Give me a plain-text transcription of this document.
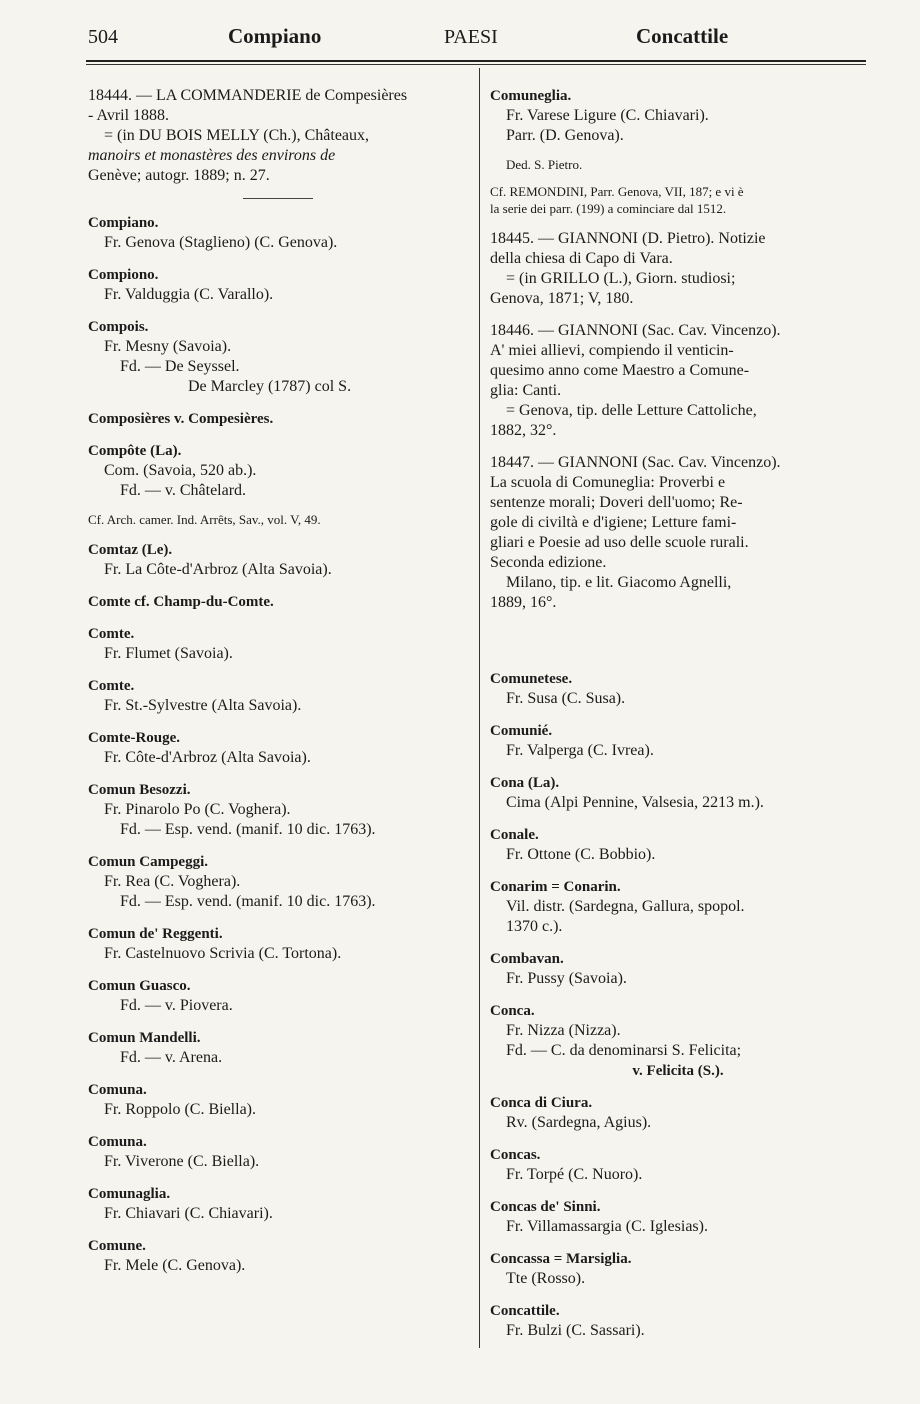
504	Compiano	PAESI	Concattile

18444. — LA COMMANDERIE de Compesières

- Avril 1888.

= (in DU BOIS MELLY (Ch.), Châteaux,

manoirs et monastères des environs de

Genève; autogr. 1889; n. 27.

Compiano.
Fr. Genova (Staglieno) (C. Genova).
Compiono.
Fr. Valduggia (C. Varallo).
Compois.
Fr. Mesny (Savoia).
Fd. — De Seyssel.
De Marcley (1787) col S.
Composières v. Compesières.
Compôte (La).
Com. (Savoia, 520 ab.).
Fd. — v. Châtelard.
Cf. Arch. camer. Ind. Arrêts, Sav., vol. V, 49.
Comtaz (Le).
Fr. La Côte-d'Arbroz (Alta Savoia).
Comte cf. Champ-du-Comte.
Comte.
Fr. Flumet (Savoia).
Comte.
Fr. St.-Sylvestre (Alta Savoia).
Comte-Rouge.
Fr. Côte-d'Arbroz (Alta Savoia).
Comun Besozzi.
Fr. Pinarolo Po (C. Voghera).
Fd. — Esp. vend. (manif. 10 dic. 1763).
Comun Campeggi.
Fr. Rea (C. Voghera).
Fd. — Esp. vend. (manif. 10 dic. 1763).
Comun de' Reggenti.
Fr. Castelnuovo Scrivia (C. Tortona).
Comun Guasco.
Fd. — v. Piovera.
Comun Mandelli.
Fd. — v. Arena.
Comuna.
Fr. Roppolo (C. Biella).
Comuna.
Fr. Viverone (C. Biella).
Comunaglia.
Fr. Chiavari (C. Chiavari).
Comune.
Fr. Mele (C. Genova).
Comuneglia.
Fr. Varese Ligure (C. Chiavari).
Parr. (D. Genova).
Ded. S. Pietro.
Cf. REMONDINI, Parr. Genova, VII, 187; e vi è
la serie dei parr. (199) a cominciare dal 1512.

18445. — GIANNONI (D. Pietro). Notizie

della chiesa di Capo di Vara.

= (in GRILLO (L.), Giorn. studiosi;

Genova, 1871; V, 180.

18446. — GIANNONI (Sac. Cav. Vincenzo).

A' miei allievi, compiendo il venticin-

quesimo anno come Maestro a Comune-

glia: Canti.

= Genova, tip. delle Letture Cattoliche,

1882, 32°.

18447. — GIANNONI (Sac. Cav. Vincenzo).

La scuola di Comuneglia: Proverbi e

sentenze morali; Doveri dell'uomo; Re-

gole di civiltà e d'igiene; Letture fami-

gliari e Poesie ad uso delle scuole rurali.

Seconda edizione.

Milano, tip. e lit. Giacomo Agnelli,

1889, 16°.

Comunetese.
Fr. Susa (C. Susa).
Comunié.
Fr. Valperga (C. Ivrea).
Cona (La).
Cima (Alpi Pennine, Valsesia, 2213 m.).
Conale.
Fr. Ottone (C. Bobbio).
Conarim = Conarin.
Vil. distr. (Sardegna, Gallura, spopol.
1370 c.).
Combavan.
Fr. Pussy (Savoia).
Conca.
Fr. Nizza (Nizza).
Fd. — C. da denominarsi S. Felicita;
v. Felicita (S.).
Conca di Ciura.
Rv. (Sardegna, Agius).
Concas.
Fr. Torpé (C. Nuoro).
Concas de' Sinni.
Fr. Villamassargia (C. Iglesias).
Concassa = Marsiglia.
Tte (Rosso).
Concattile.
Fr. Bulzi (C. Sassari).
